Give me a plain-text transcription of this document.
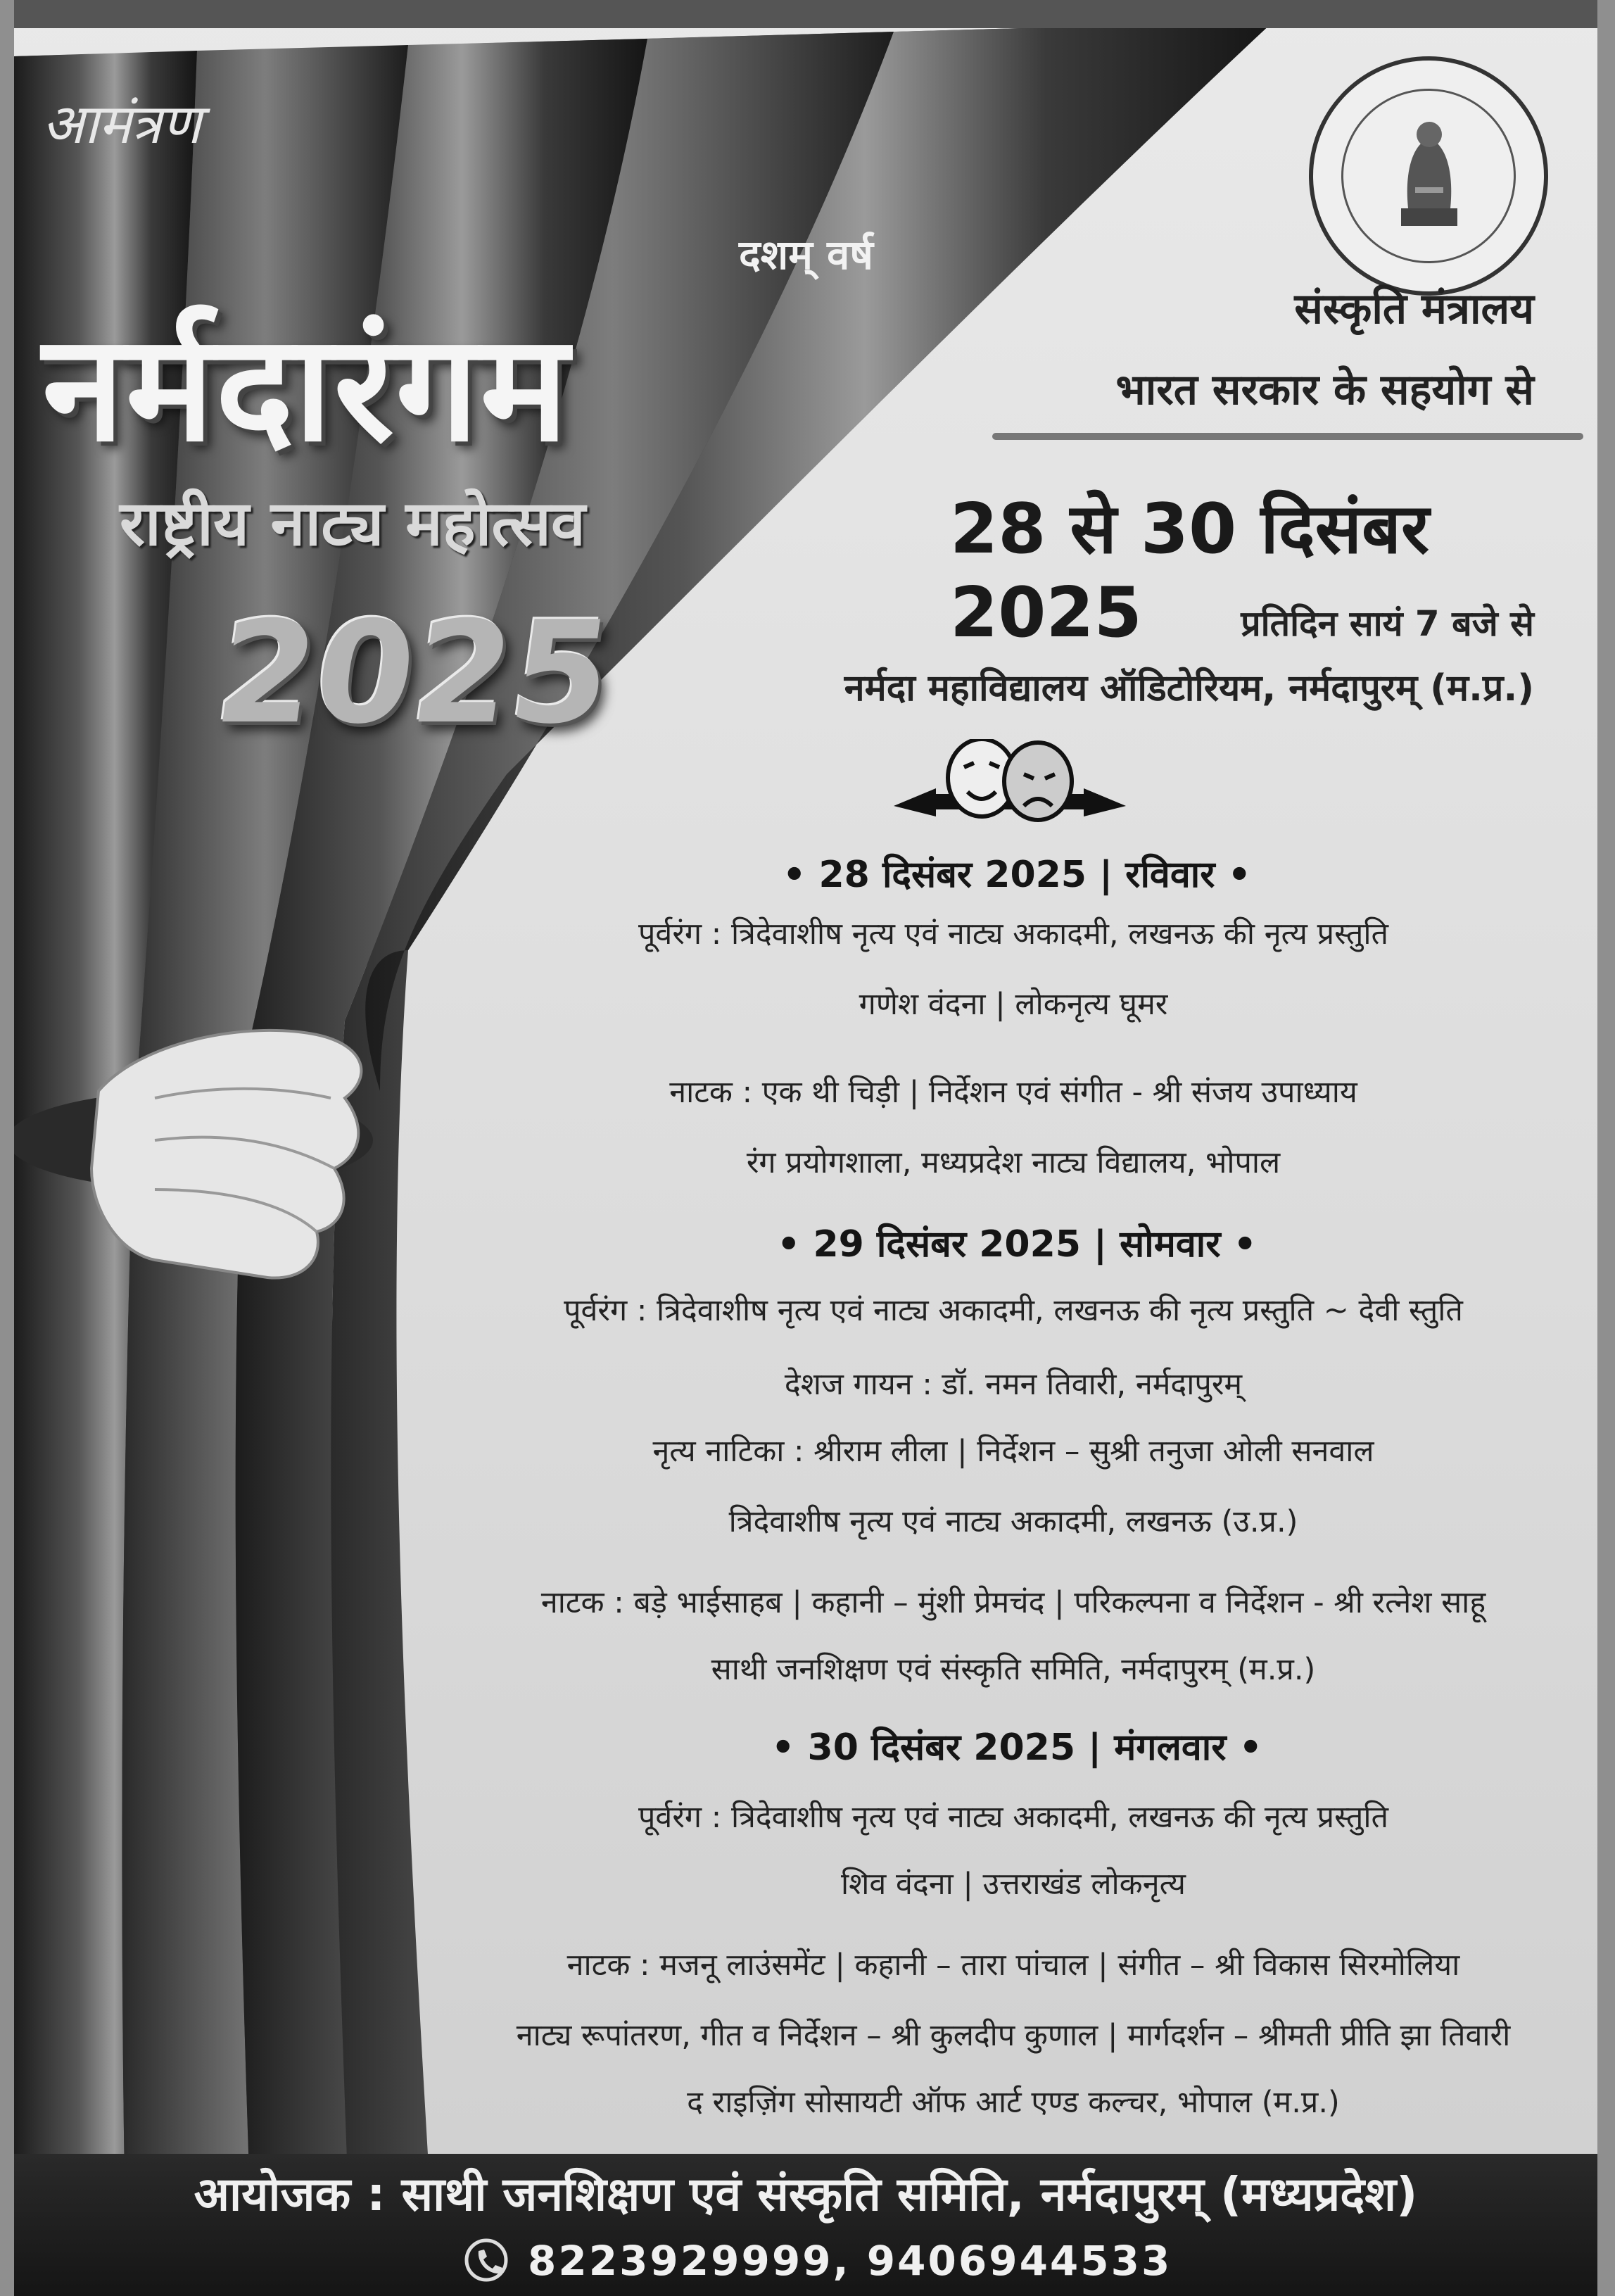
आमंत्रण
दशम् वर्ष
नर्मदारंगम
राष्ट्रीय नाट्य महोत्सव
2025
संस्कृति मंत्रालय
भारत सरकार के सहयोग से
28 से 30 दिसंबर 2025	प्रतिदिन सायं 7 बजे से
नर्मदा महाविद्यालय ऑडिटोरियम, नर्मदापुरम् (म.प्र.)
• 28 दिसंबर 2025 | रविवार •
पूर्वरंग : त्रिदेवाशीष नृत्य एवं नाट्य अकादमी, लखनऊ की नृत्य प्रस्तुति
गणेश वंदना | लोकनृत्य घूमर
नाटक : एक थी चिड़ी | निर्देशन एवं संगीत - श्री संजय उपाध्याय
रंग प्रयोगशाला, मध्यप्रदेश नाट्य विद्यालय, भोपाल
• 29 दिसंबर 2025 | सोमवार •
पूर्वरंग : त्रिदेवाशीष नृत्य एवं नाट्य अकादमी, लखनऊ की नृत्य प्रस्तुति ~ देवी स्तुति
देशज गायन : डॉ. नमन तिवारी, नर्मदापुरम्
नृत्य नाटिका : श्रीराम लीला | निर्देशन – सुश्री तनुजा ओली सनवाल
त्रिदेवाशीष नृत्य एवं नाट्य अकादमी, लखनऊ (उ.प्र.)
नाटक : बड़े भाईसाहब | कहानी – मुंशी प्रेमचंद | परिकल्पना व निर्देशन - श्री रत्नेश साहू
साथी जनशिक्षण एवं संस्कृति समिति, नर्मदापुरम् (म.प्र.)
• 30 दिसंबर 2025 | मंगलवार •
पूर्वरंग : त्रिदेवाशीष नृत्य एवं नाट्य अकादमी, लखनऊ की नृत्य प्रस्तुति
शिव वंदना | उत्तराखंड लोकनृत्य
नाटक : मजनू लाउंसमेंट | कहानी – तारा पांचाल | संगीत – श्री विकास सिरमोलिया
नाट्य रूपांतरण, गीत व निर्देशन – श्री कुलदीप कुणाल | मार्गदर्शन – श्रीमती प्रीति झा तिवारी
द राइज़िंग सोसायटी ऑफ आर्ट एण्ड कल्चर, भोपाल (म.प्र.)
आयोजक : साथी जनशिक्षण एवं संस्कृति समिति, नर्मदापुरम् (मध्यप्रदेश)
8223929999, 9406944533
